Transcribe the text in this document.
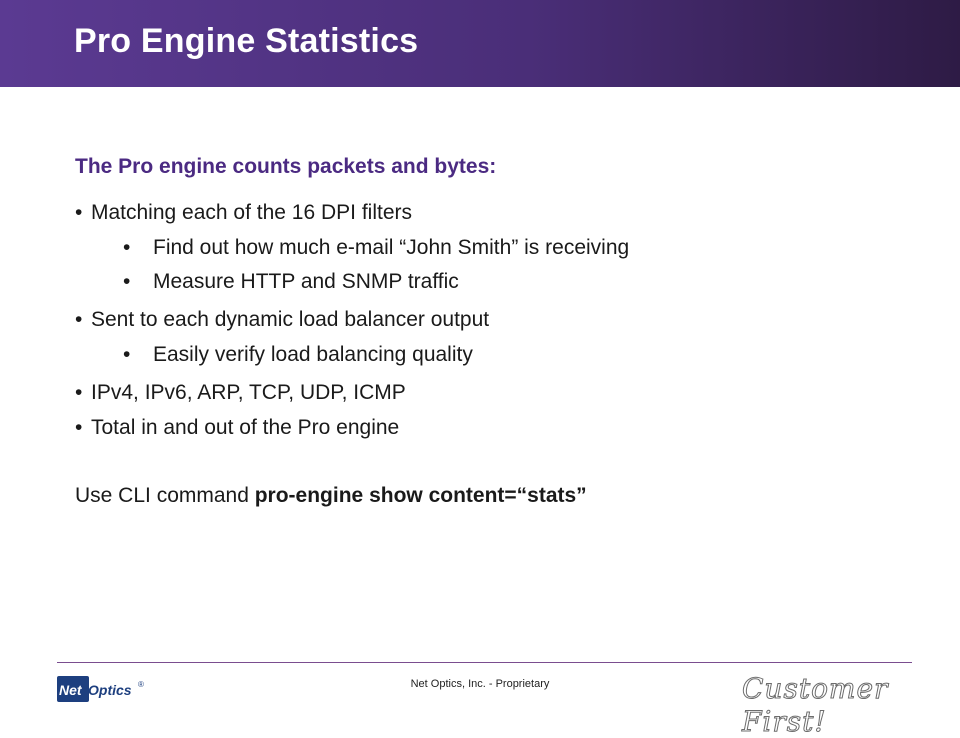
Pro Engine Statistics
The Pro engine counts packets and bytes:
• Matching each of the 16 DPI filters
•	Find out how much e-mail “John Smith” is receiving
•	Measure HTTP and SNMP traffic
• Sent to each dynamic load balancer output
•	Easily verify load balancing quality
• IPv4, IPv6, ARP, TCP, UDP, ICMP
• Total in and out of the Pro engine
Use CLI command pro-engine show content=“stats”
Net Optics ®	Net Optics, Inc. - Proprietary	Customer First!
